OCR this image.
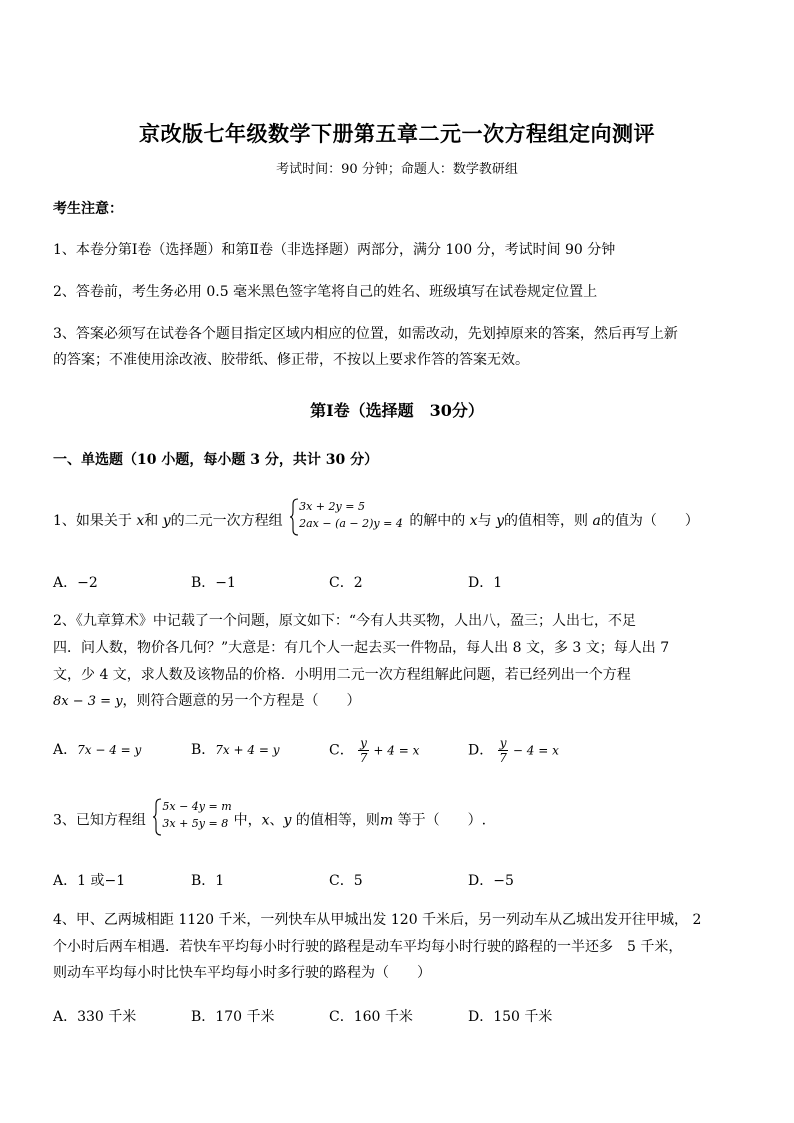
京改版七年级数学下册第五章二元一次方程组定向测评
考试时间：90 分钟；命题人：数学教研组
考生注意：
1、本卷分第Ⅰ卷（选择题）和第Ⅱ卷（非选择题）两部分，满分 100 分，考试时间 90 分钟
2、答卷前，考生务必用 0.5 毫米黑色签字笔将自己的姓名、班级填写在试卷规定位置上
3、答案必须写在试卷各个题目指定区域内相应的位置，如需改动，先划掉原来的答案，然后再写上新
的答案；不准使用涂改液、胶带纸、修正带，不按以上要求作答的答案无效。
第Ⅰ卷（选择题　30分）
一、单选题（10 小题，每小题 3 分，共计 30 分）
1、如果关于 x和 y的二元一次方程组
3x + 2y = 5
2ax − (a − 2)y = 4 的解中的 x与 y的值相等，则 a的值为（　　）
A．−2	B．−1	C．2	D．1
2、《九章算术》中记载了一个问题，原文如下：“今有人共买物，人出八，盈三；人出七，不足
四．问人数，物价各几何？”大意是：有几个人一起去买一件物品，每人出 8 文，多 3 文；每人出 7
文，少 4 文，求人数及该物品的价格．小明用二元一次方程组解此问题，若已经列出一个方程
8x − 3 = y，则符合题意的另一个方程是（　　）
A．7x − 4 = y	B．7x + 4 = y	C． $\frac{y}{7} + 4 = x$	D． $\frac{y}{7} - 4 = x$
3、已知方程组
5x − 4y = m
3x + 5y = 8 中，x、y 的值相等，则m 等于（　　）.
A．1 或−1	B．1	C．5	D．−5
4、甲、乙两城相距 1120 千米，一列快车从甲城出发 120 千米后，另一列动车从乙城出发开往甲城， 2
个小时后两车相遇．若快车平均每小时行驶的路程是动车平均每小时行驶的路程的一半还多　5 千米，
则动车平均每小时比快车平均每小时多行驶的路程为（　　）
A．330 千米	B．170 千米	C．160 千米	D．150 千米
